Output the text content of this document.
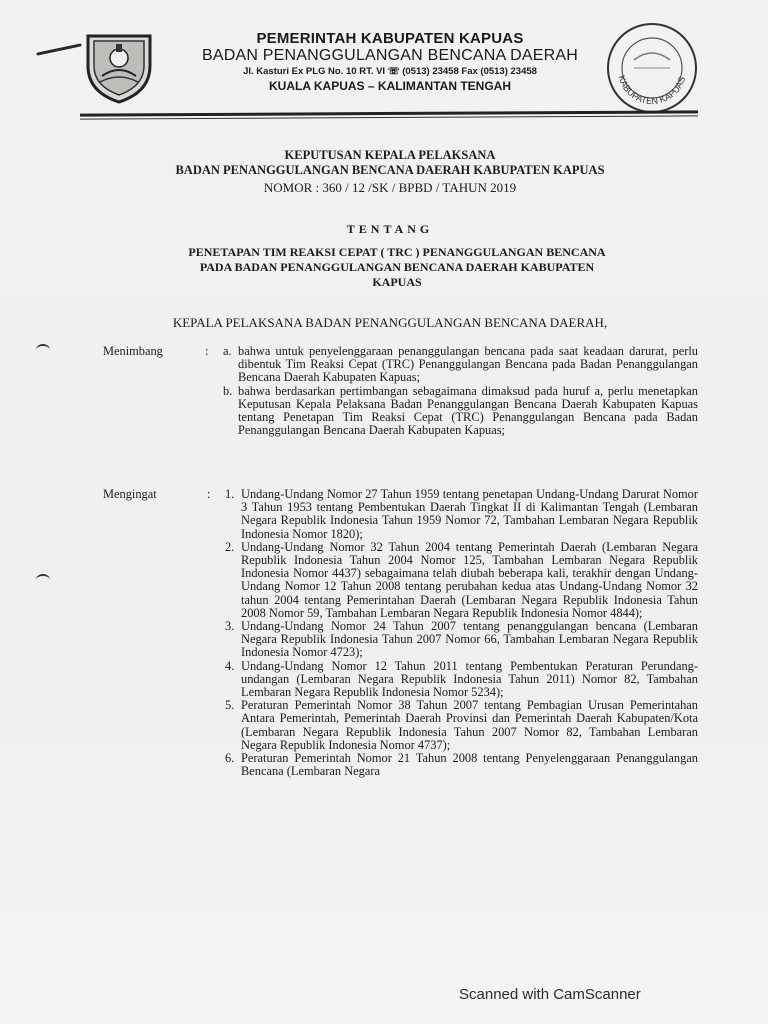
PEMERINTAH KABUPATEN KAPUAS
BADAN PENANGGULANGAN BENCANA DAERAH
Jl. Kasturi Ex PLG No. 10 RT. VI ☏ (0513) 23458 Fax (0513) 23458
KUALA KAPUAS – KALIMANTAN TENGAH
KABUPATEN KAPUAS
KEPUTUSAN KEPALA PELAKSANA
BADAN PENANGGULANGAN BENCANA DAERAH KABUPATEN KAPUAS
NOMOR : 360 / 12 /SK / BPBD / TAHUN 2019
TENTANG
PENETAPAN TIM REAKSI CEPAT ( TRC ) PENANGGULANGAN BENCANA
PADA BADAN PENANGGULANGAN BENCANA DAERAH KABUPATEN
KAPUAS
KEPALA PELAKSANA BADAN PENANGGULANGAN BENCANA DAERAH,
Menimbang	: a. bahwa untuk penyelenggaraan penanggulangan bencana pada saat keadaan darurat, perlu dibentuk Tim Reaksi Cepat (TRC) Penanggulangan Bencana pada Badan Penanggulangan Bencana Daerah Kabupaten Kapuas;
b. bahwa berdasarkan pertimbangan sebagaimana dimaksud pada huruf a, perlu menetapkan Keputusan Kepala Pelaksana Badan Penanggulangan Bencana Daerah Kabupaten Kapuas tentang Penetapan Tim Reaksi Cepat (TRC) Penanggulangan Bencana pada Badan Penanggulangan Bencana Daerah Kabupaten Kapuas;
Mengingat	: 1. Undang-Undang Nomor 27 Tahun 1959 tentang penetapan Undang-Undang Darurat Nomor 3 Tahun 1953 tentang Pembentukan Daerah Tingkat II di Kalimantan Tengah (Lembaran Negara Republik Indonesia Tahun 1959 Nomor 72, Tambahan Lembaran Negara Republik Indonesia Nomor 1820);
2. Undang-Undang Nomor 32 Tahun 2004 tentang Pemerintah Daerah (Lembaran Negara Republik Indonesia Tahun 2004 Nomor 125, Tambahan Lembaran Negara Republik Indonesia Nomor 4437) sebagaimana telah diubah beberapa kali, terakhir dengan Undang-Undang Nomor 12 Tahun 2008 tentang perubahan kedua atas Undang-Undang Nomor 32 tahun 2004 tentang Pemerintahan Daerah (Lembaran Negara Republik Indonesia Tahun 2008 Nomor 59, Tambahan Lembaran Negara Republik Indonesia Nomor 4844);
3. Undang-Undang Nomor 24 Tahun 2007 tentang penanggulangan bencana (Lembaran Negara Republik Indonesia Tahun 2007 Nomor 66, Tambahan Lembaran Negara Republik Indonesia Nomor 4723);
4. Undang-Undang Nomor 12 Tahun 2011 tentang Pembentukan Peraturan Perundang-undangan (Lembaran Negara Republik Indonesia Tahun 2011) Nomor 82, Tambahan Lembaran Negara Republik Indonesia Nomor 5234);
5. Peraturan Pemerintah Nomor 38 Tahun 2007 tentang Pembagian Urusan Pemerintahan Antara Pemerintah, Pemerintah Daerah Provinsi dan Pemerintah Daerah Kabupaten/Kota (Lembaran Negara Republik Indonesia Tahun 2007 Nomor 82, Tambahan Lembaran Negara Republik Indonesia Nomor 4737);
6. Peraturan Pemerintah Nomor 21 Tahun 2008 tentang Penyelenggaraan Penanggulangan Bencana (Lembaran Negara
Scanned with CamScanner
